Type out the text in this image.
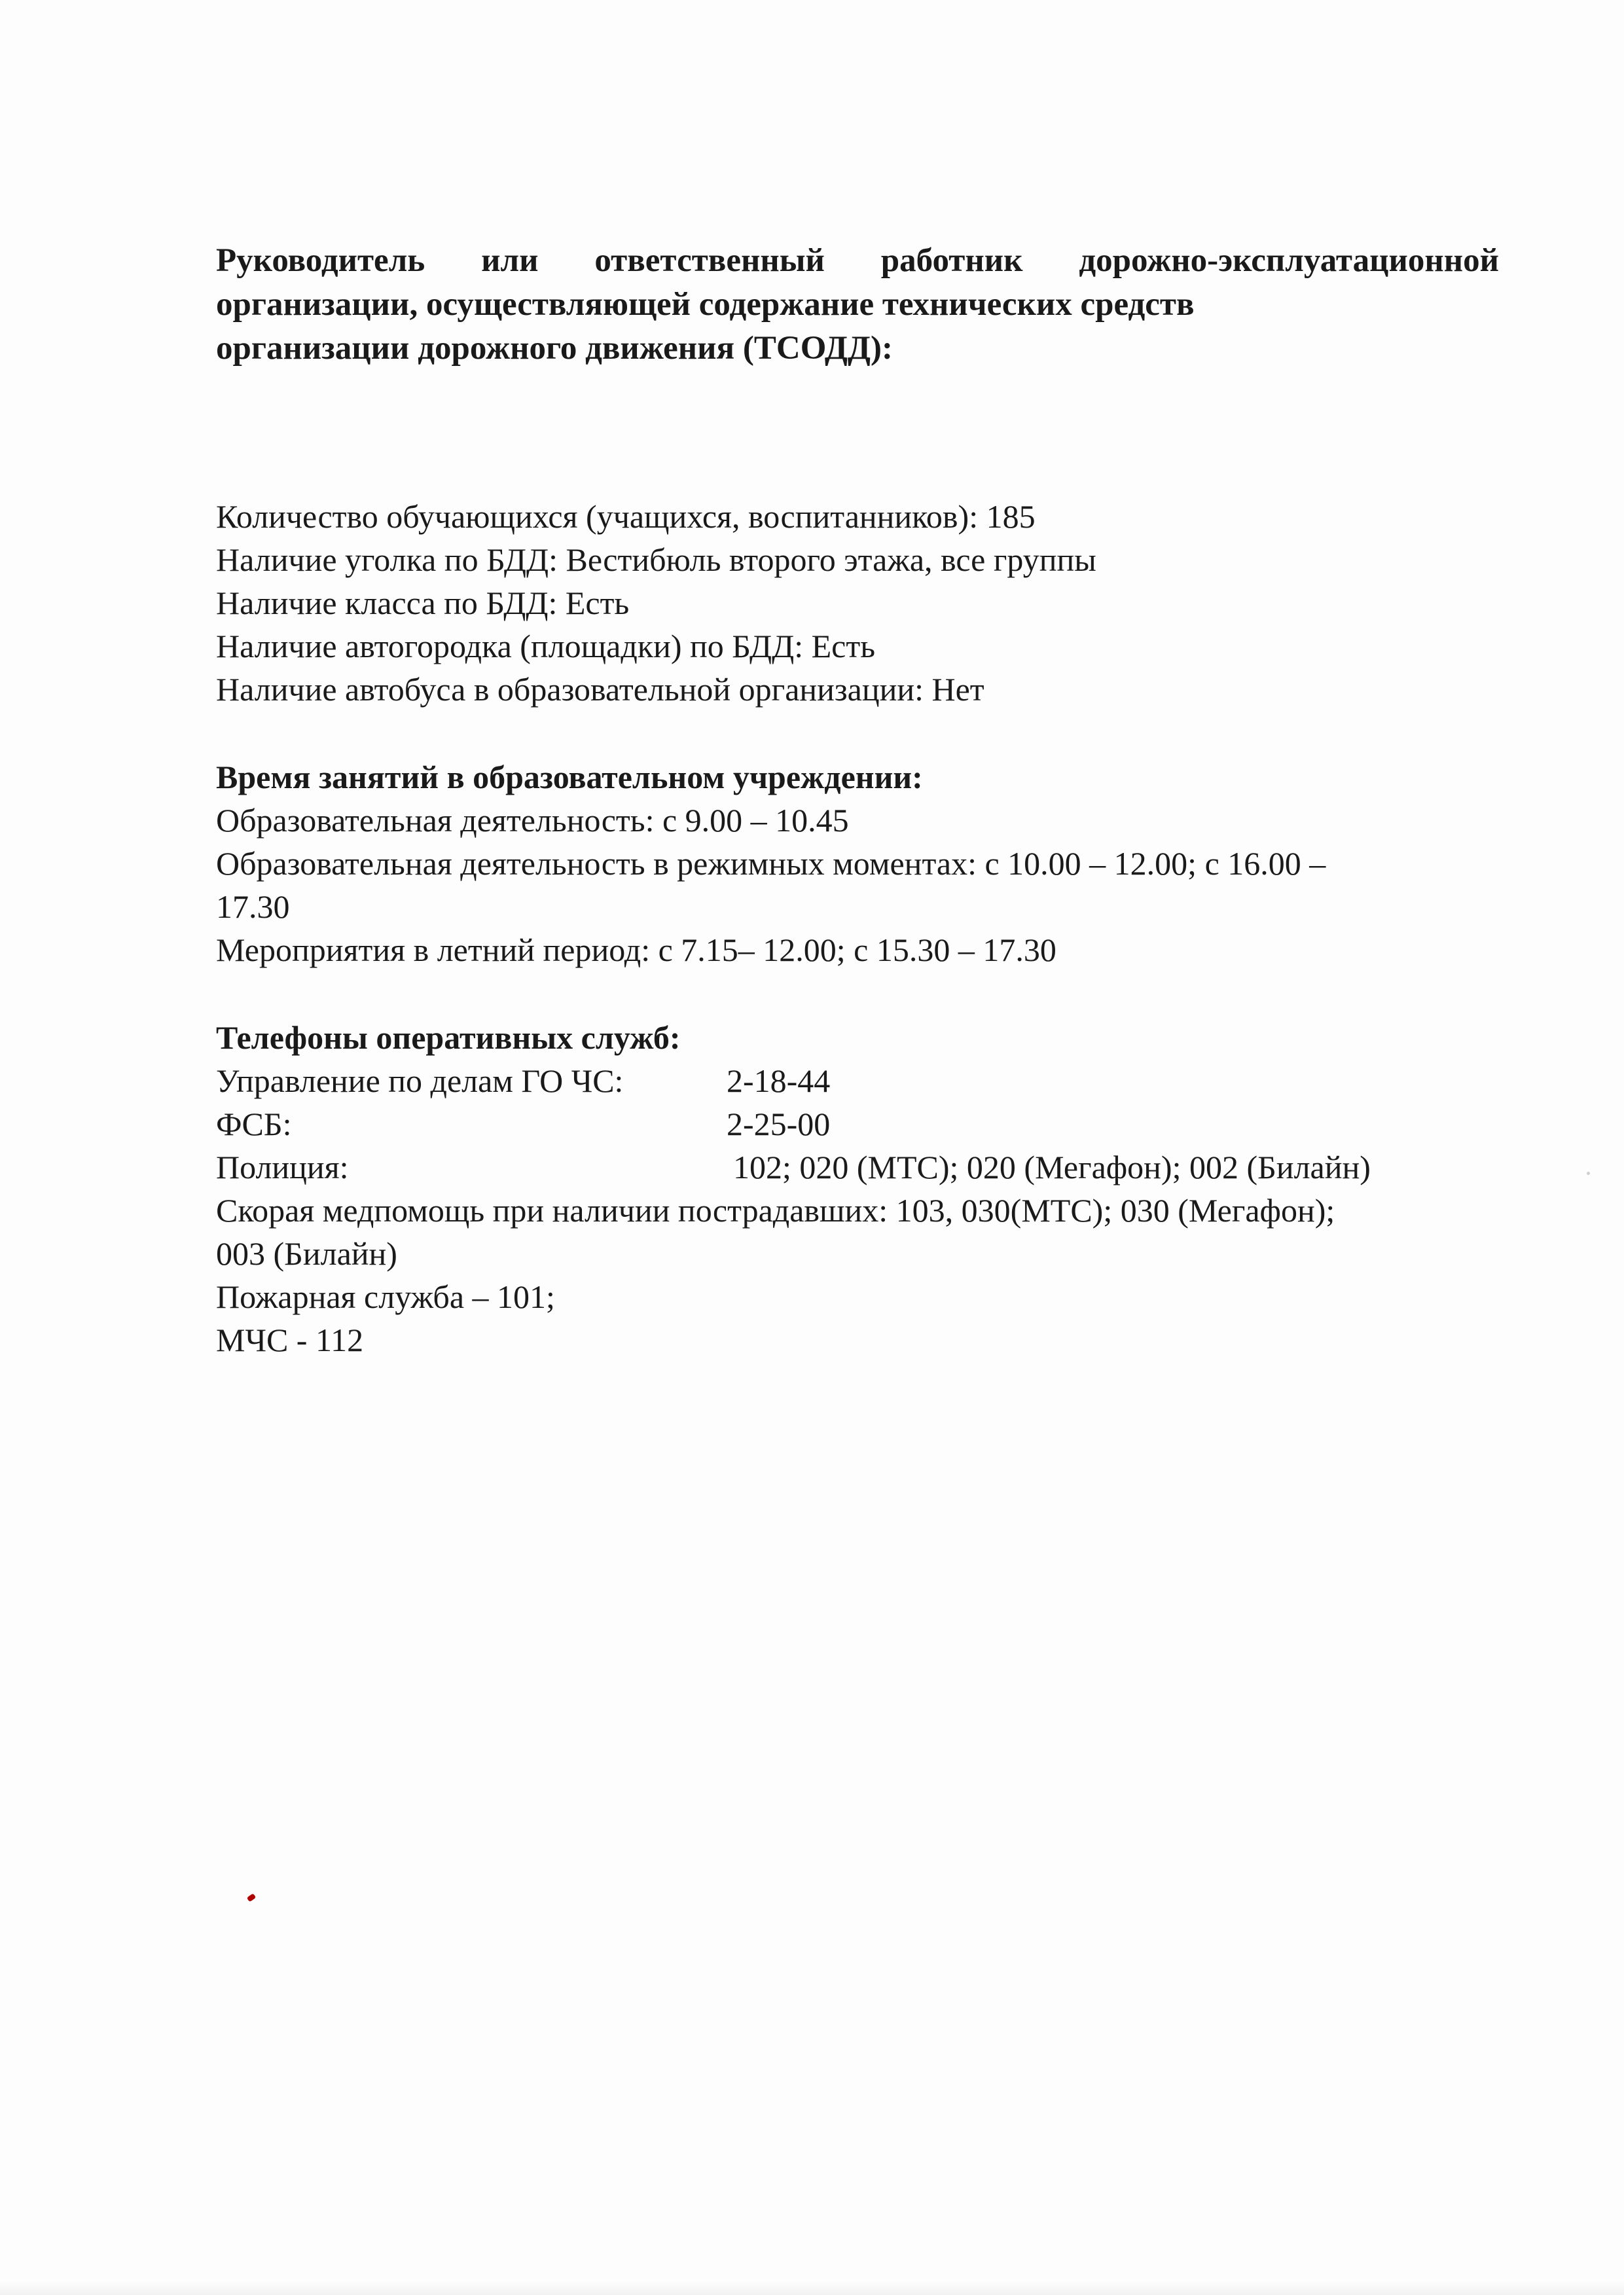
Руководитель или ответственный работник дорожно-эксплуатационной
организации, осуществляющей содержание технических средств
организации дорожного движения (ТСОДД):
Количество обучающихся (учащихся, воспитанников): 185
Наличие уголка по БДД: Вестибюль второго этажа, все группы
Наличие класса по БДД: Есть
Наличие автогородка (площадки) по БДД: Есть
Наличие автобуса в образовательной организации: Нет
Время занятий в образовательном учреждении:
Образовательная деятельность: с 9.00 – 10.45
Образовательная деятельность в режимных моментах: с 10.00 – 12.00; с 16.00 –
17.30
Мероприятия в летний период: с 7.15– 12.00; с 15.30 – 17.30
Телефоны оперативных служб:
Управление по делам ГО ЧС:	2-18-44
ФСБ:	2-25-00
Полиция:	102; 020 (МТС); 020 (Мегафон); 002 (Билайн)
Скорая медпомощь при наличии пострадавших: 103, 030(МТС); 030 (Мегафон);
003 (Билайн)
Пожарная служба – 101;
МЧС - 112
